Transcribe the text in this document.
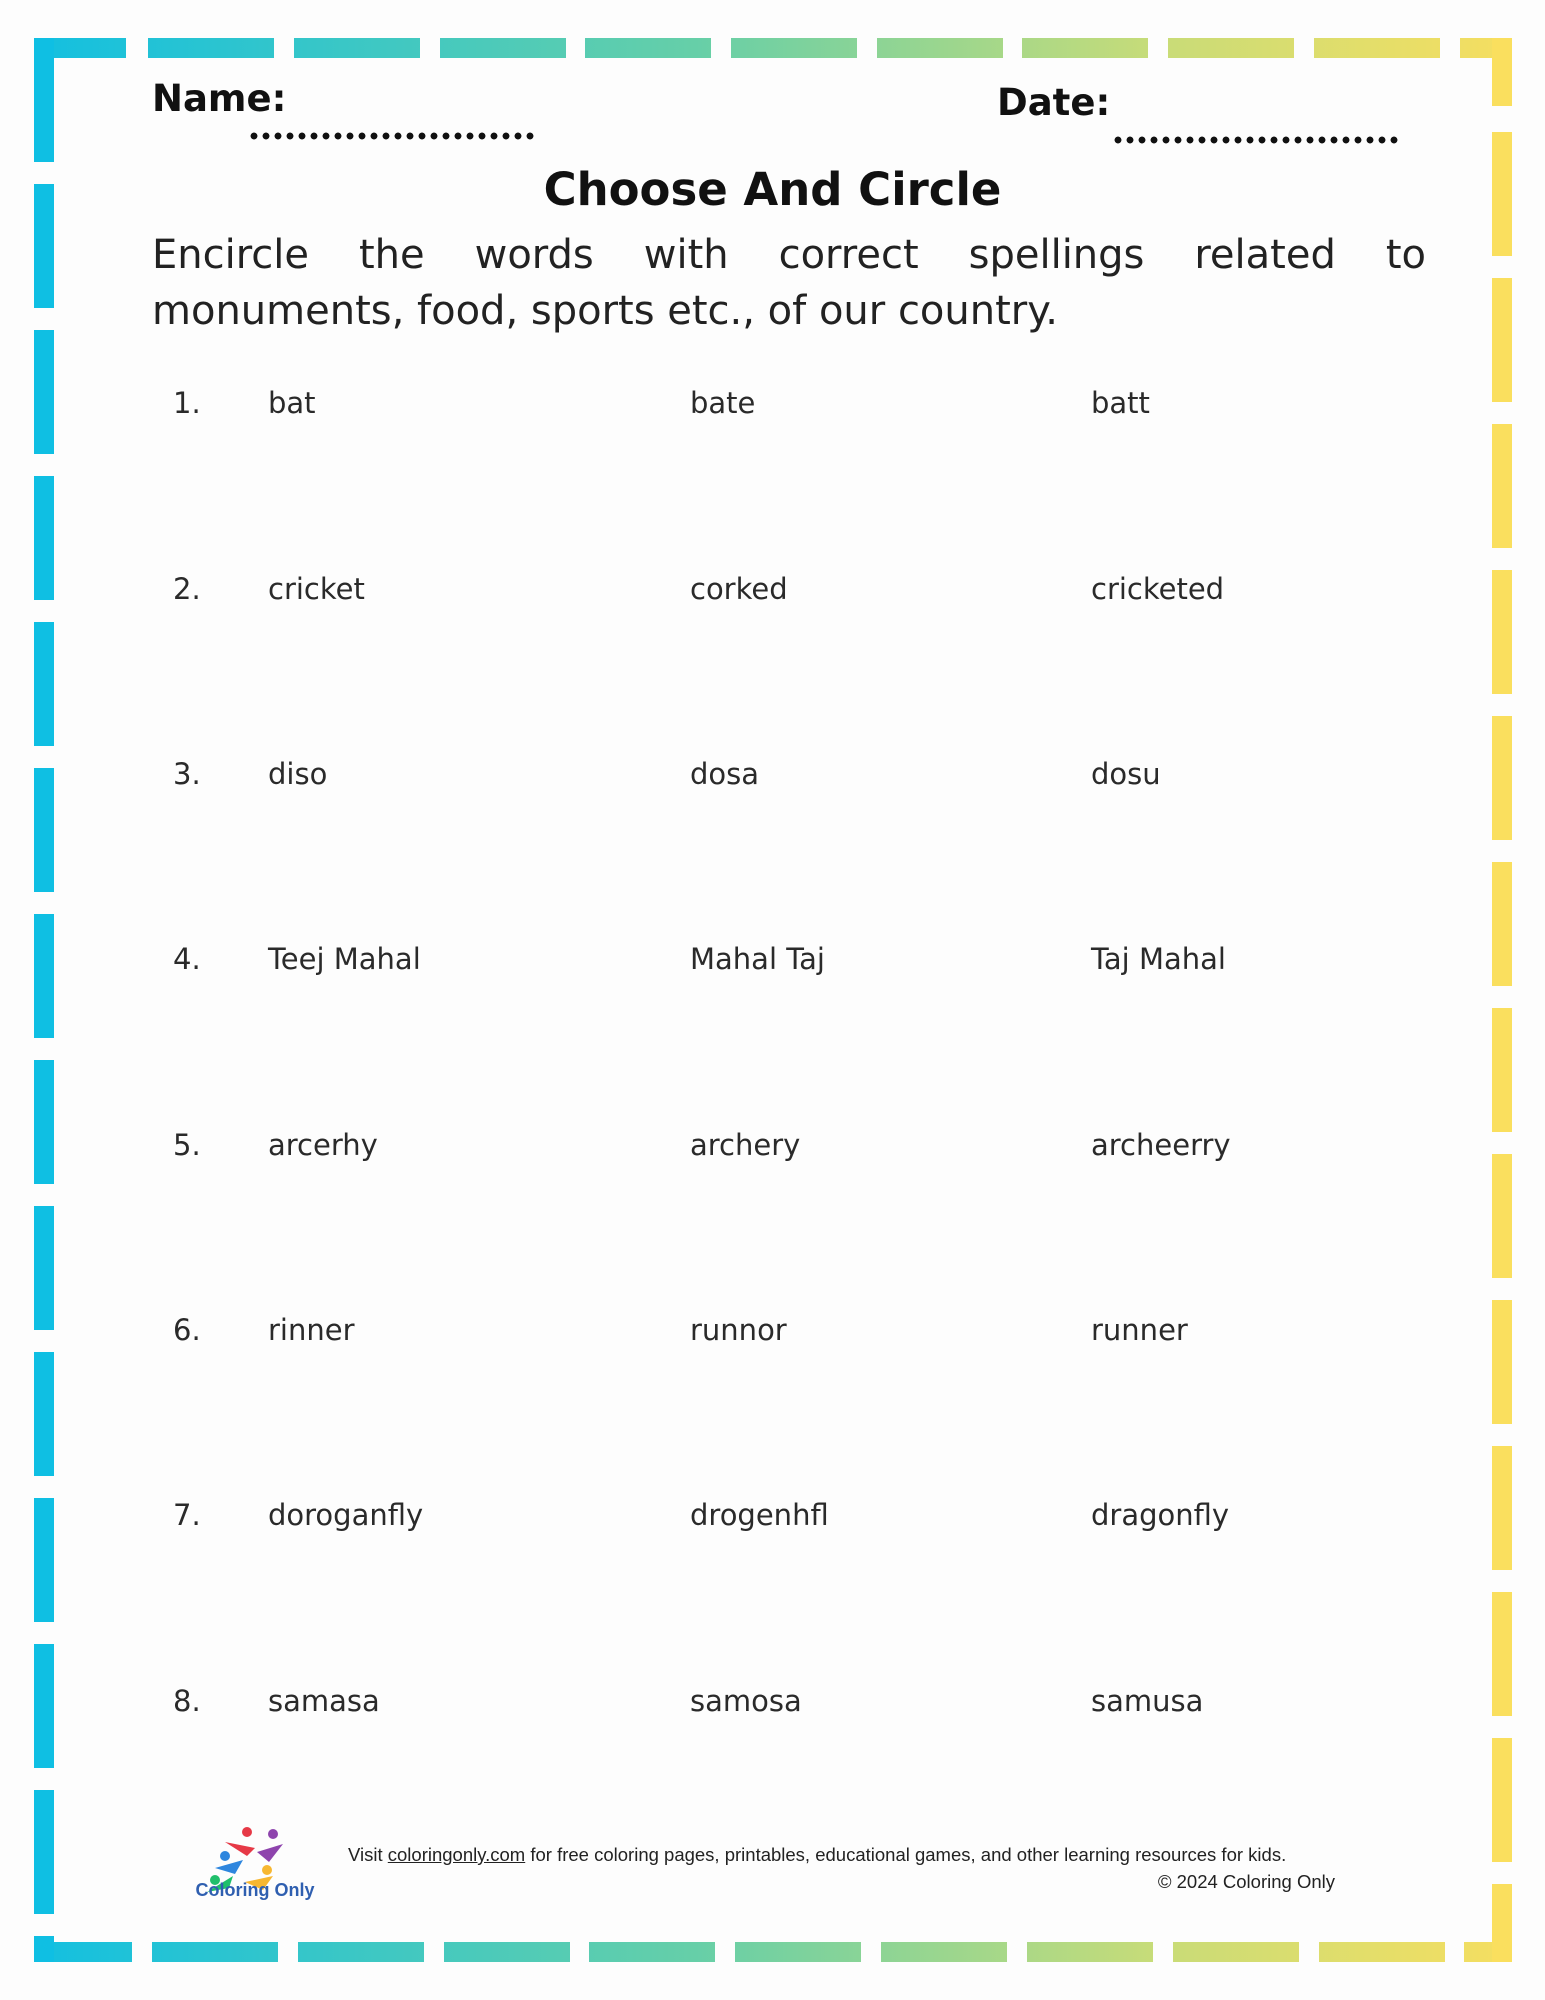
Name:	Date:
Choose And Circle
Encircle the words with correct spellings related to monuments, food, sports etc., of our country.
1. bat	bate	batt
2. cricket	corked	cricketed
3. diso	dosa	dosu
4. Teej Mahal	Mahal Taj	Taj Mahal
5. arcerhy	archery	archeerry
6. rinner	runnor	runner
7. doroganfly	drogenhfl	dragonfly
8. samasa	samosa	samusa
Coloring Only
Visit coloringonly.com for free coloring pages, printables, educational games, and other learning resources for kids.
© 2024 Coloring Only
